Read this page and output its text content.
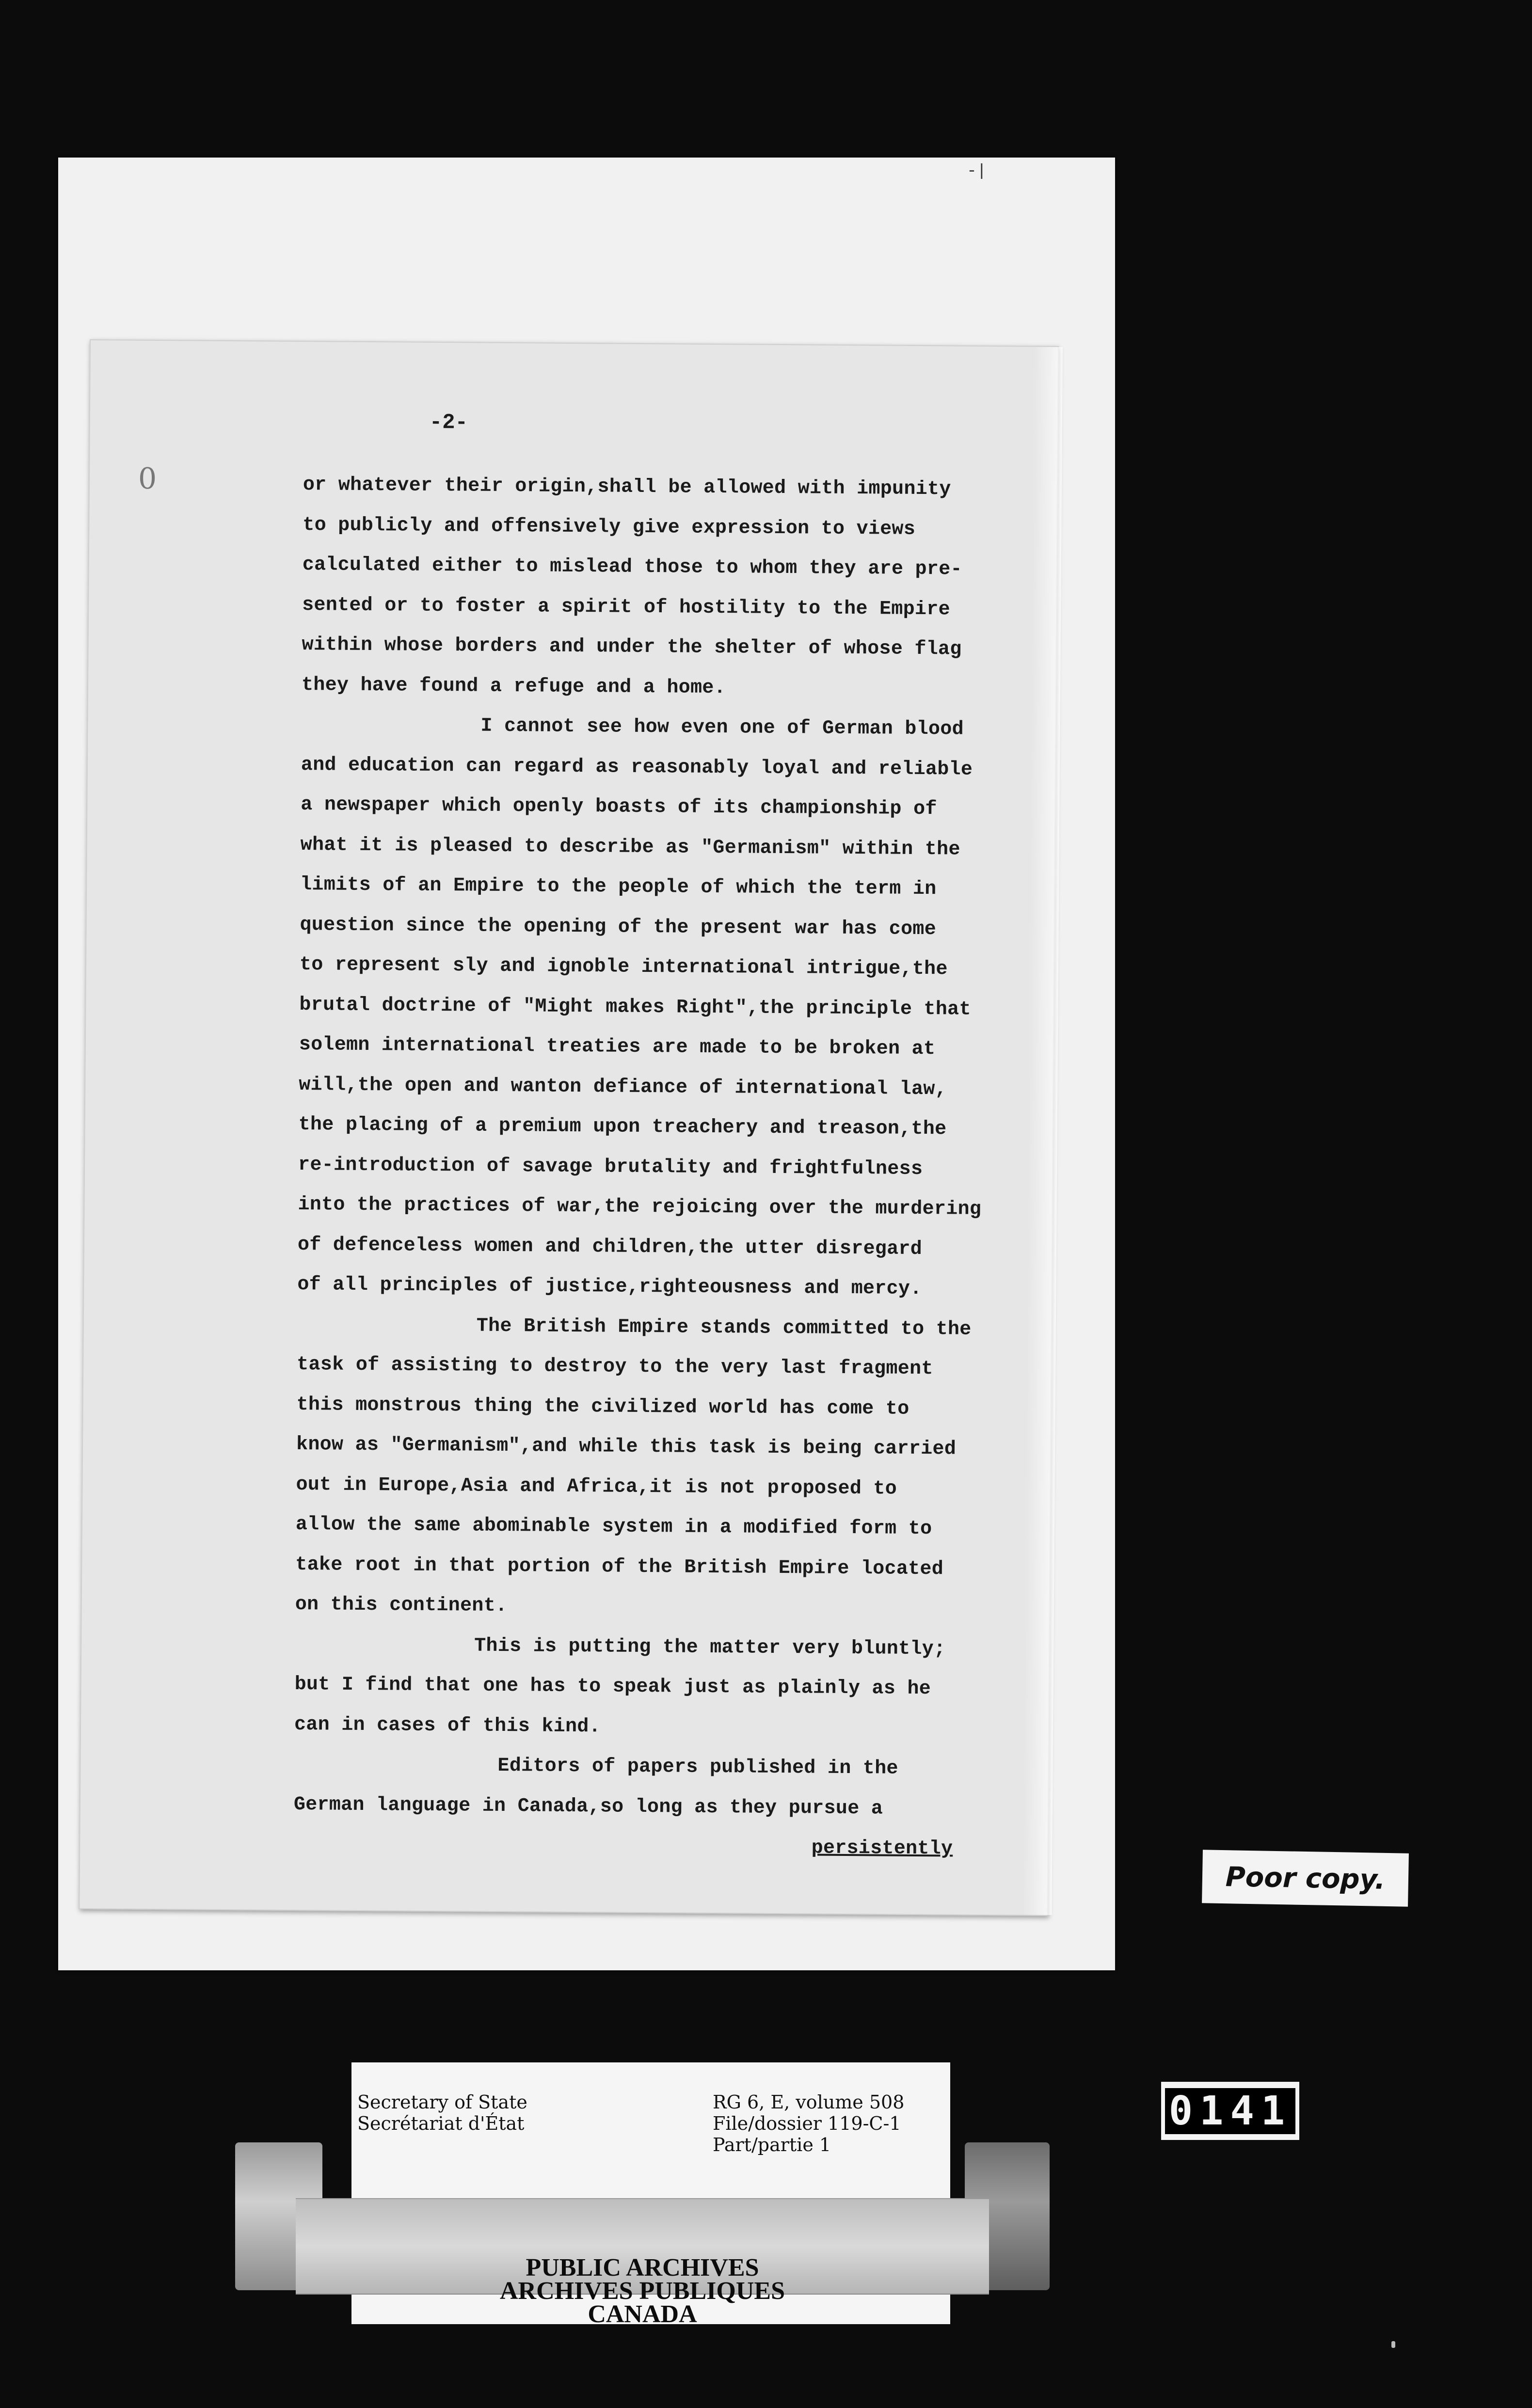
-|
-2-
0	or whatever their origin,shall be allowed with impunity
to publicly and offensively give expression to views
calculated either to mislead those to whom they are pre-
sented or to foster a spirit of hostility to the Empire
within whose borders and under the shelter of whose flag
they have found a refuge and a home.
I cannot see how even one of German blood
and education can regard as reasonably loyal and reliable
a newspaper which openly boasts of its championship of
what it is pleased to describe as "Germanism" within the
limits of an Empire to the people of which the term in
question since the opening of the present war has come
to represent sly and ignoble international intrigue,the
brutal doctrine of "Might makes Right",the principle that
solemn international treaties are made to be broken at
will,the open and wanton defiance of international law,
the placing of a premium upon treachery and treason,the
re-introduction of savage brutality and frightfulness
into the practices of war,the rejoicing over the murdering
of defenceless women and children,the utter disregard
of all principles of justice,righteousness and mercy.
The British Empire stands committed to the
task of assisting to destroy to the very last fragment
this monstrous thing the civilized world has come to
know as "Germanism",and while this task is being carried
out in Europe,Asia and Africa,it is not proposed to
allow the same abominable system in a modified form to
take root in that portion of the British Empire located
on this continent.
This is putting the matter very bluntly;
but I find that one has to speak just as plainly as he
can in cases of this kind.
Editors of papers published in the
German language in Canada,so long as they pursue a
persistently
Poor copy.
0141
Secretary of State
Secrétariat d'État
RG 6, E, volume 508
File/dossier 119-C-1
Part/partie 1
PUBLIC ARCHIVES
ARCHIVES PUBLIQUES
CANADA
